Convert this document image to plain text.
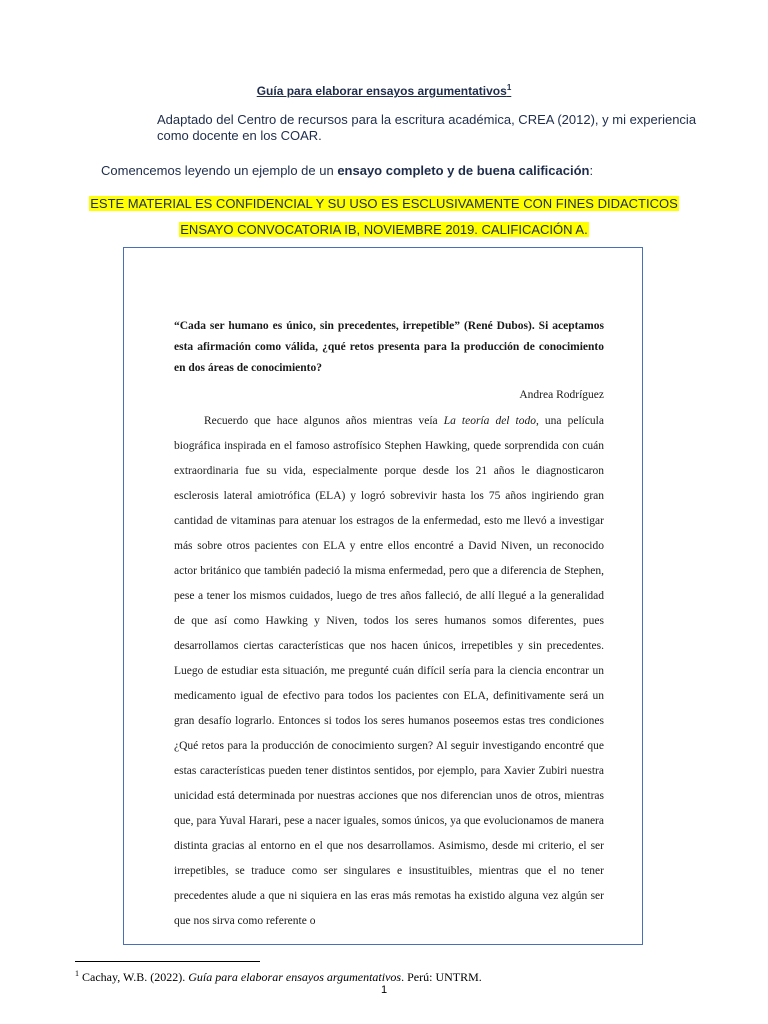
Guía para elaborar ensayos argumentativos$^1$
Adaptado del Centro de recursos para la escritura académica, CREA (2012), y mi experiencia como docente en los COAR.
Comencemos leyendo un ejemplo de un ensayo completo y de buena calificación:
ESTE MATERIAL ES CONFIDENCIAL Y SU USO ES ESCLUSIVAMENTE CON FINES DIDACTICOS
ENSAYO CONVOCATORIA IB, NOVIEMBRE 2019. CALIFICACIÓN A.

“Cada ser humano es único, sin precedentes, irrepetible” (René Dubos). Si aceptamos esta afirmación como válida, ¿qué retos presenta para la producción de conocimiento en dos áreas de conocimiento?

Andrea Rodríguez

Recuerdo que hace algunos años mientras veía La teoría del todo, una película biográfica inspirada en el famoso astrofísico Stephen Hawking, quede sorprendida con cuán extraordinaria fue su vida, especialmente porque desde los 21 años le diagnosticaron esclerosis lateral amiotrófica (ELA) y logró sobrevivir hasta los 75 años ingiriendo gran cantidad de vitaminas para atenuar los estragos de la enfermedad, esto me llevó a investigar más sobre otros pacientes con ELA y entre ellos encontré a David Niven, un reconocido actor británico que también padeció la misma enfermedad, pero que a diferencia de Stephen, pese a tener los mismos cuidados, luego de tres años falleció, de allí llegué a la generalidad de que así como Hawking y Niven, todos los seres humanos somos diferentes, pues desarrollamos ciertas características que nos hacen únicos, irrepetibles y sin precedentes. Luego de estudiar esta situación, me pregunté cuán difícil sería para la ciencia encontrar un medicamento igual de efectivo para todos los pacientes con ELA, definitivamente será un gran desafío lograrlo. Entonces si todos los seres humanos poseemos estas tres condiciones ¿Qué retos para la producción de conocimiento surgen? Al seguir investigando encontré que estas características pueden tener distintos sentidos, por ejemplo, para Xavier Zubiri nuestra unicidad está determinada por nuestras acciones que nos diferencian unos de otros, mientras que, para Yuval Harari, pese a nacer iguales, somos únicos, ya que evolucionamos de manera distinta gracias al entorno en el que nos desarrollamos. Asimismo, desde mi criterio, el ser irrepetibles, se traduce como ser singulares e insustituibles, mientras que el no tener precedentes alude a que ni siquiera en las eras más remotas ha existido alguna vez algún ser que nos sirva como referente o

$^1$ Cachay, W.B. (2022). Guía para elaborar ensayos argumentativos. Perú: UNTRM.
1
